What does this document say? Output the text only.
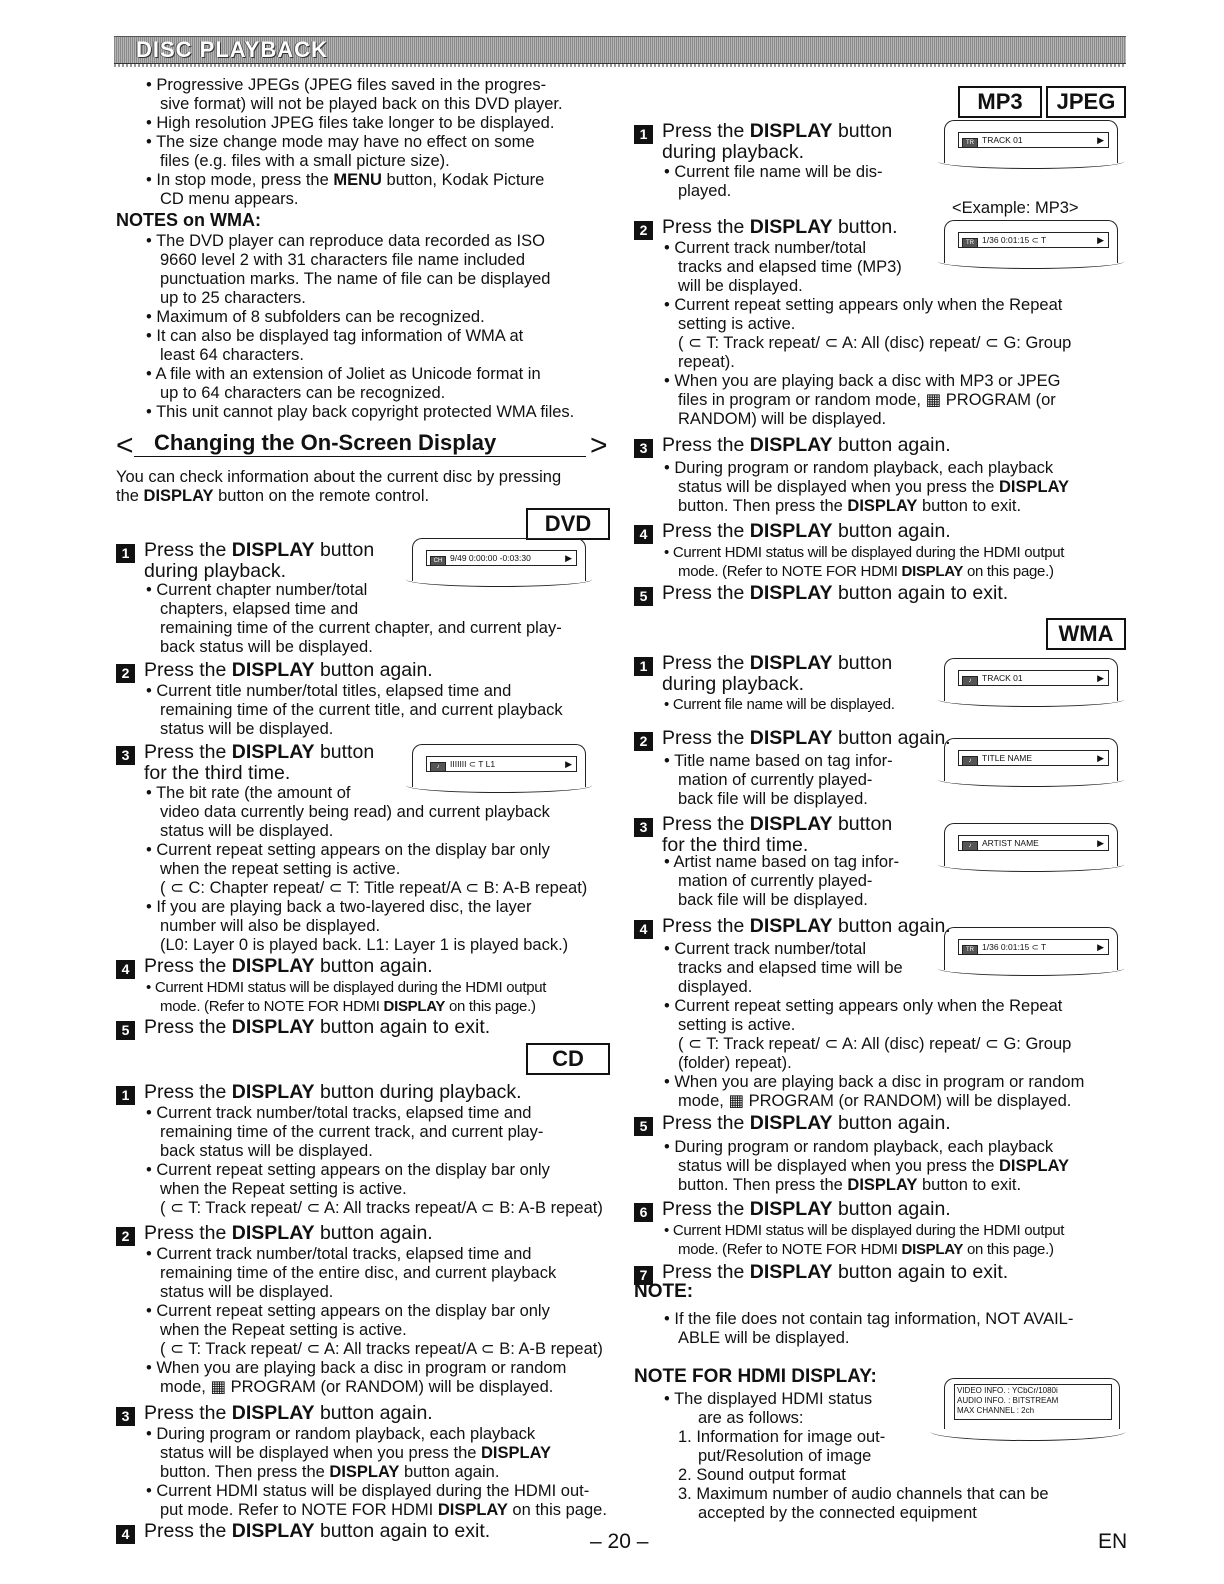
DISC PLAYBACK
• Progressive JPEGs (JPEG files saved in the progres-
sive format) will not be played back on this DVD player.
• High resolution JPEG files take longer to be displayed.
• The size change mode may have no effect on some
files (e.g. files with a small picture size).
• In stop mode, press the MENU button, Kodak Picture
CD menu appears.
NOTES on WMA:
• The DVD player can reproduce data recorded as ISO
9660 level 2 with 31 characters file name included
punctuation marks. The name of file can be displayed
up to 25 characters.
• Maximum of 8 subfolders can be recognized.
• It can also be displayed tag information of WMA at
least 64 characters.
• A file with an extension of Joliet as Unicode format in
up to 64 characters can be recognized.
• This unit cannot play back copyright protected WMA files.
< Changing the On-Screen Display	>
You can check information about the current disc by pressing
the DISPLAY button on the remote control.
DVD
1 Press the DISPLAY button
during playback.
• Current chapter number/total
chapters, elapsed time and
remaining time of the current chapter, and current play-
back status will be displayed.
CH 9/49 0:00:00 -0:03:30	▶
2 Press the DISPLAY button again.
• Current title number/total titles, elapsed time and
remaining time of the current title, and current playback
status will be displayed.
3 Press the DISPLAY button
for the third time.
• The bit rate (the amount of
video data currently being read) and current playback
status will be displayed.
• Current repeat setting appears on the display bar only
when the repeat setting is active.
( ⊂ C: Chapter repeat/ ⊂ T: Title repeat/A ⊂ B: A-B repeat)
• If you are playing back a two-layered disc, the layer
number will also be displayed.
(L0: Layer 0 is played back. L1: Layer 1 is played back.)
♪ IIIIIII ⊂ T L1	▶
4 Press the DISPLAY button again.
• Current HDMI status will be displayed during the HDMI output
mode. (Refer to NOTE FOR HDMI DISPLAY on this page.)
5 Press the DISPLAY button again to exit.
CD
1 Press the DISPLAY button during playback.
• Current track number/total tracks, elapsed time and
remaining time of the current track, and current play-
back status will be displayed.
• Current repeat setting appears on the display bar only
when the Repeat setting is active.
( ⊂ T: Track repeat/ ⊂ A: All tracks repeat/A ⊂ B: A-B repeat)
2 Press the DISPLAY button again.
• Current track number/total tracks, elapsed time and
remaining time of the entire disc, and current playback
status will be displayed.
• Current repeat setting appears on the display bar only
when the Repeat setting is active.
( ⊂ T: Track repeat/ ⊂ A: All tracks repeat/A ⊂ B: A-B repeat)
• When you are playing back a disc in program or random
mode, ▦ PROGRAM (or RANDOM) will be displayed.
3 Press the DISPLAY button again.
• During program or random playback, each playback
status will be displayed when you press the DISPLAY
button. Then press the DISPLAY button again.
• Current HDMI status will be displayed during the HDMI out-
put mode. Refer to NOTE FOR HDMI DISPLAY on this page.
4 Press the DISPLAY button again to exit.
MP3	JPEG
<Example: MP3>
1 Press the DISPLAY button
during playback.
• Current file name will be dis-
played.
TR TRACK 01	▶
2 Press the DISPLAY button.
• Current track number/total
tracks and elapsed time (MP3)
will be displayed.
• Current repeat setting appears only when the Repeat
setting is active.
( ⊂ T: Track repeat/ ⊂ A: All (disc) repeat/ ⊂ G: Group
repeat).
• When you are playing back a disc with MP3 or JPEG
files in program or random mode, ▦ PROGRAM (or
RANDOM) will be displayed.
TR 1/36 0:01:15 ⊂ T	▶
3 Press the DISPLAY button again.
• During program or random playback, each playback
status will be displayed when you press the DISPLAY
button. Then press the DISPLAY button to exit.
4 Press the DISPLAY button again.
• Current HDMI status will be displayed during the HDMI output
mode. (Refer to NOTE FOR HDMI DISPLAY on this page.)
5 Press the DISPLAY button again to exit.
WMA
1 Press the DISPLAY button
during playback.
• Current file name will be displayed.
♪ TRACK 01	▶
2 Press the DISPLAY button again.
• Title name based on tag infor-
mation of currently played-
back file will be displayed.
♪ TITLE NAME	▶
3 Press the DISPLAY button
for the third time.
• Artist name based on tag infor-
mation of currently played-
back file will be displayed.
♪ ARTIST NAME	▶
4 Press the DISPLAY button again.
• Current track number/total
tracks and elapsed time will be
displayed.
• Current repeat setting appears only when the Repeat
setting is active.
( ⊂ T: Track repeat/ ⊂ A: All (disc) repeat/ ⊂ G: Group
(folder) repeat).
• When you are playing back a disc in program or random
mode, ▦ PROGRAM (or RANDOM) will be displayed.
TR 1/36 0:01:15 ⊂ T	▶
5 Press the DISPLAY button again.
• During program or random playback, each playback
status will be displayed when you press the DISPLAY
button. Then press the DISPLAY button to exit.
6 Press the DISPLAY button again.
• Current HDMI status will be displayed during the HDMI output
mode. (Refer to NOTE FOR HDMI DISPLAY on this page.)
7 Press the DISPLAY button again to exit.
NOTE:
• If the file does not contain tag information, NOT AVAIL-
ABLE will be displayed.
NOTE FOR HDMI DISPLAY:
• The displayed HDMI status
are as follows:
1. Information for image out-
put/Resolution of image
2. Sound output format
3. Maximum number of audio channels that can be
accepted by the connected equipment
VIDEO INFO. : YCbCr/1080i
AUDIO INFO. : BITSTREAM
MAX CHANNEL : 2ch
– 20 –	EN
